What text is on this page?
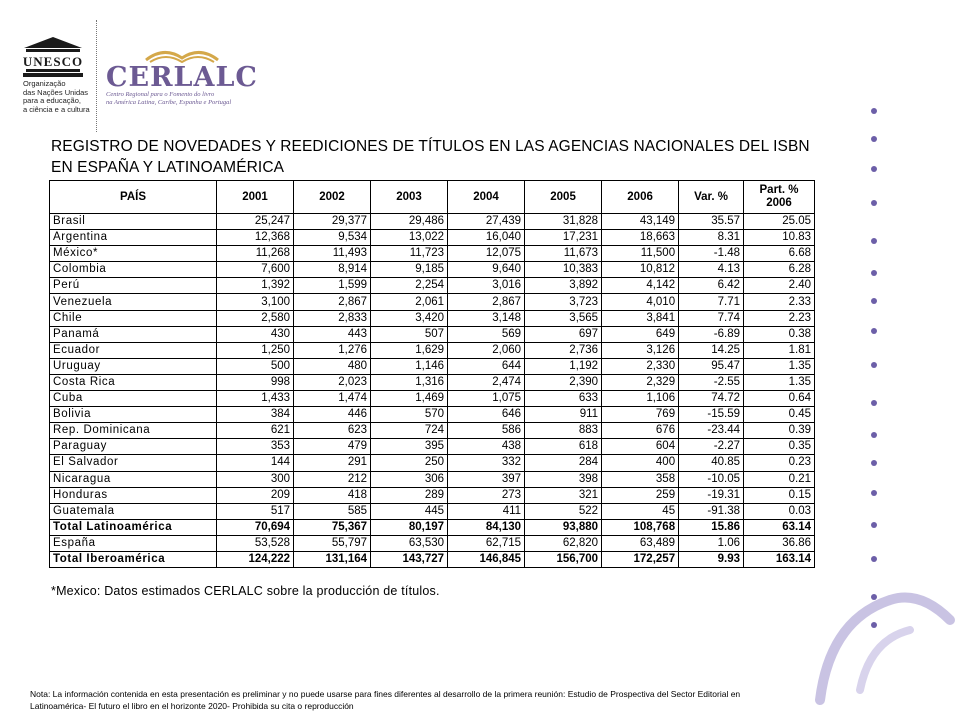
UNESCO
Organização
das Nações Unidas
para a educação,
a ciência e a cultura
CERLALC
Centro Regional para o Fomento do livro
na América Latina, Caribe, Espanha e Portugal
REGISTRO DE NOVEDADES Y REEDICIONES DE TÍTULOS EN LAS AGENCIAS NACIONALES DEL ISBN EN ESPAÑA Y LATINOAMÉRICA
PAÍS	2001	2002	2003	2004	2005	2006	Var. %	Part. % 2006
Brasil	25,247	29,377	29,486	27,439	31,828	43,149	35.57	25.05
Argentina	12,368	9,534	13,022	16,040	17,231	18,663	8.31	10.83
México*	11,268	11,493	11,723	12,075	11,673	11,500	-1.48	6.68
Colombia	7,600	8,914	9,185	9,640	10,383	10,812	4.13	6.28
Perú	1,392	1,599	2,254	3,016	3,892	4,142	6.42	2.40
Venezuela	3,100	2,867	2,061	2,867	3,723	4,010	7.71	2.33
Chile	2,580	2,833	3,420	3,148	3,565	3,841	7.74	2.23
Panamá	430	443	507	569	697	649	-6.89	0.38
Ecuador	1,250	1,276	1,629	2,060	2,736	3,126	14.25	1.81
Uruguay	500	480	1,146	644	1,192	2,330	95.47	1.35
Costa Rica	998	2,023	1,316	2,474	2,390	2,329	-2.55	1.35
Cuba	1,433	1,474	1,469	1,075	633	1,106	74.72	0.64
Bolivia	384	446	570	646	911	769	-15.59	0.45
Rep. Dominicana	621	623	724	586	883	676	-23.44	0.39
Paraguay	353	479	395	438	618	604	-2.27	0.35
El Salvador	144	291	250	332	284	400	40.85	0.23
Nicaragua	300	212	306	397	398	358	-10.05	0.21
Honduras	209	418	289	273	321	259	-19.31	0.15
Guatemala	517	585	445	411	522	45	-91.38	0.03
Total Latinoamérica	70,694	75,367	80,197	84,130	93,880	108,768	15.86	63.14
España	53,528	55,797	63,530	62,715	62,820	63,489	1.06	36.86
Total Iberoamérica	124,222	131,164	143,727	146,845	156,700	172,257	9.93	163.14
*Mexico: Datos estimados CERLALC sobre la producción de títulos.
Nota: La información contenida en esta presentación es preliminar y no puede usarse para fines diferentes al desarrollo de la primera reunión: Estudio de Prospectiva del Sector Editorial en Latinoamérica- El futuro el libro en el horizonte 2020- Prohibida su cita o reproducción
